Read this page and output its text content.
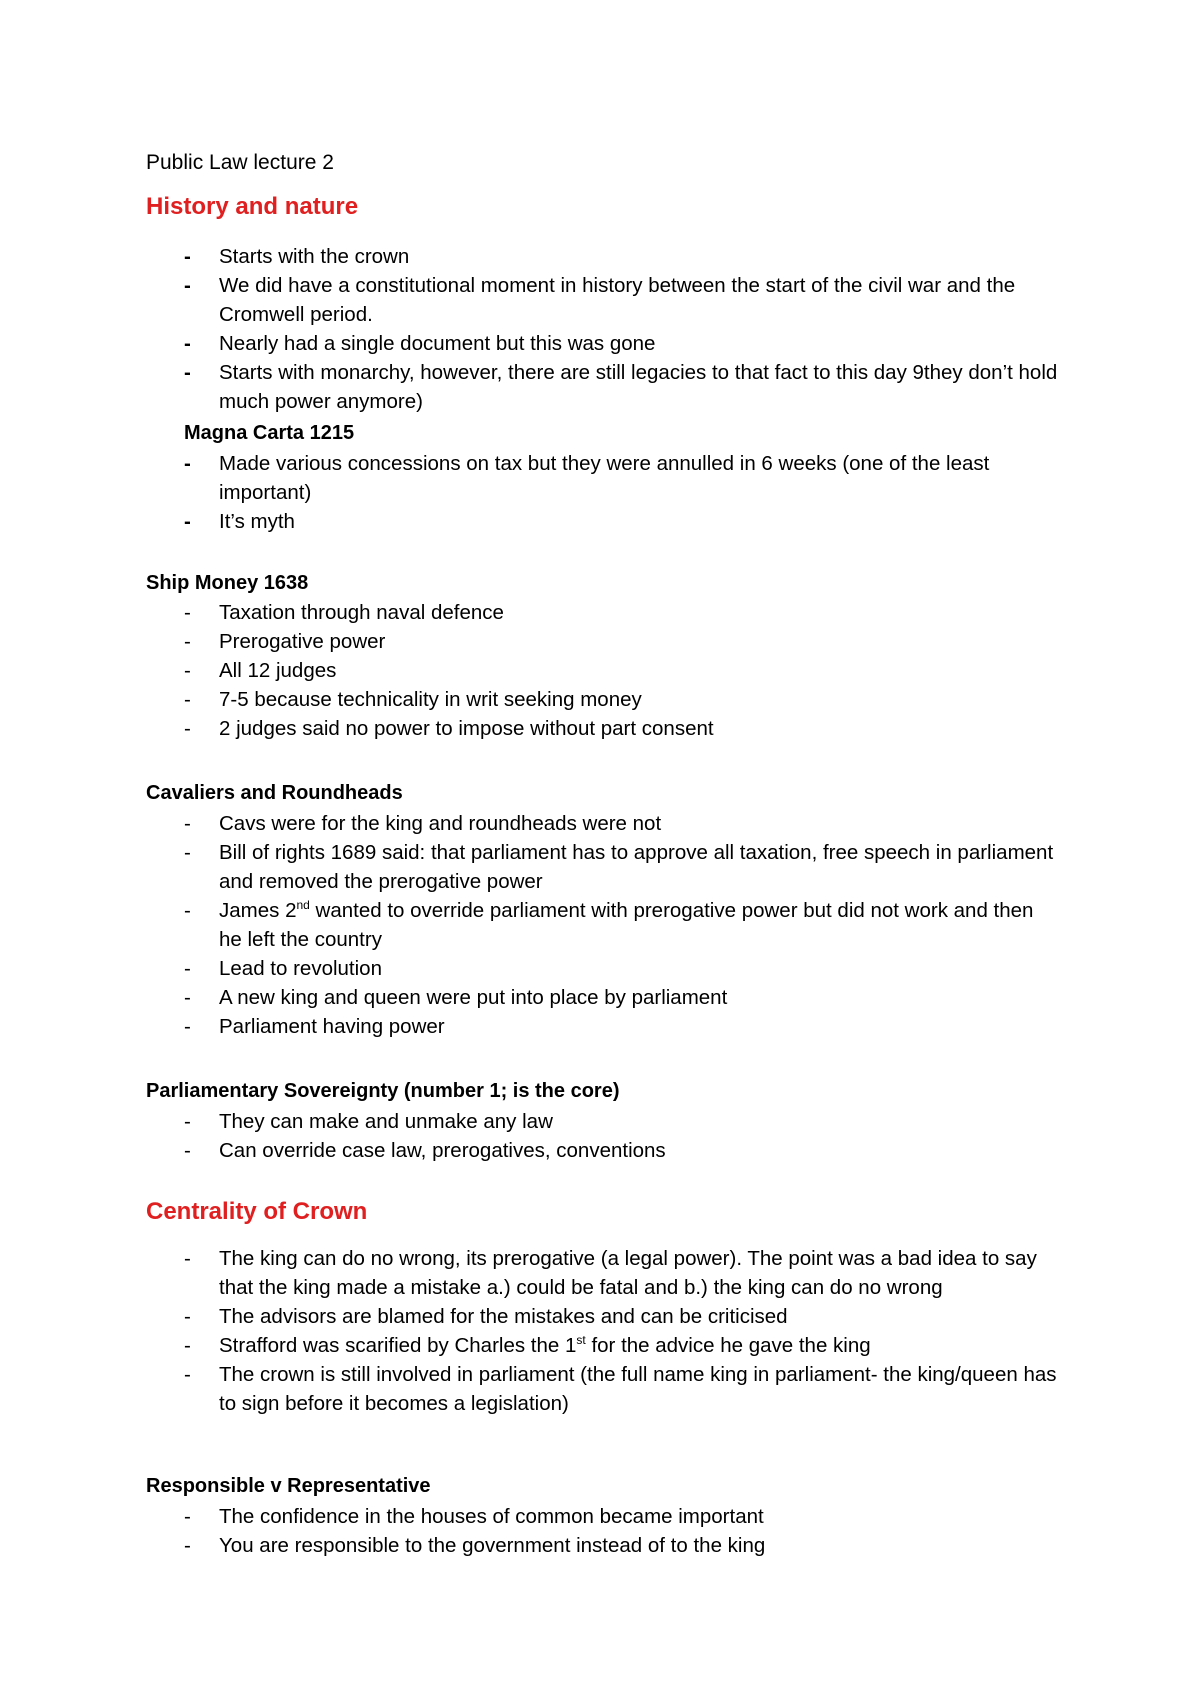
Public Law lecture 2
History and nature
- Starts with the crown
- We did have a constitutional moment in history between the start of the civil war and the Cromwell period.
- Nearly had a single document but this was gone
- Starts with monarchy, however, there are still legacies to that fact to this day 9they don’t hold much power anymore)
Magna Carta 1215
- Made various concessions on tax but they were annulled in 6 weeks (one of the least important)
- It’s myth
Ship Money 1638
- Taxation through naval defence
- Prerogative power
- All 12 judges
- 7-5 because technicality in writ seeking money
- 2 judges said no power to impose without part consent
Cavaliers and Roundheads
- Cavs were for the king and roundheads were not
- Bill of rights 1689 said: that parliament has to approve all taxation, free speech in parliament and removed the prerogative power
- James 2nd wanted to override parliament with prerogative power but did not work and then he left the country
- Lead to revolution
- A new king and queen were put into place by parliament
- Parliament having power
Parliamentary Sovereignty (number 1; is the core)
- They can make and unmake any law
- Can override case law, prerogatives, conventions
Centrality of Crown
- The king can do no wrong, its prerogative (a legal power). The point was a bad idea to say that the king made a mistake a.) could be fatal and b.) the king can do no wrong
- The advisors are blamed for the mistakes and can be criticised
- Strafford was scarified by Charles the 1st for the advice he gave the king
- The crown is still involved in parliament (the full name king in parliament- the king/queen has to sign before it becomes a legislation)
Responsible v Representative
- The confidence in the houses of common became important
- You are responsible to the government instead of to the king
